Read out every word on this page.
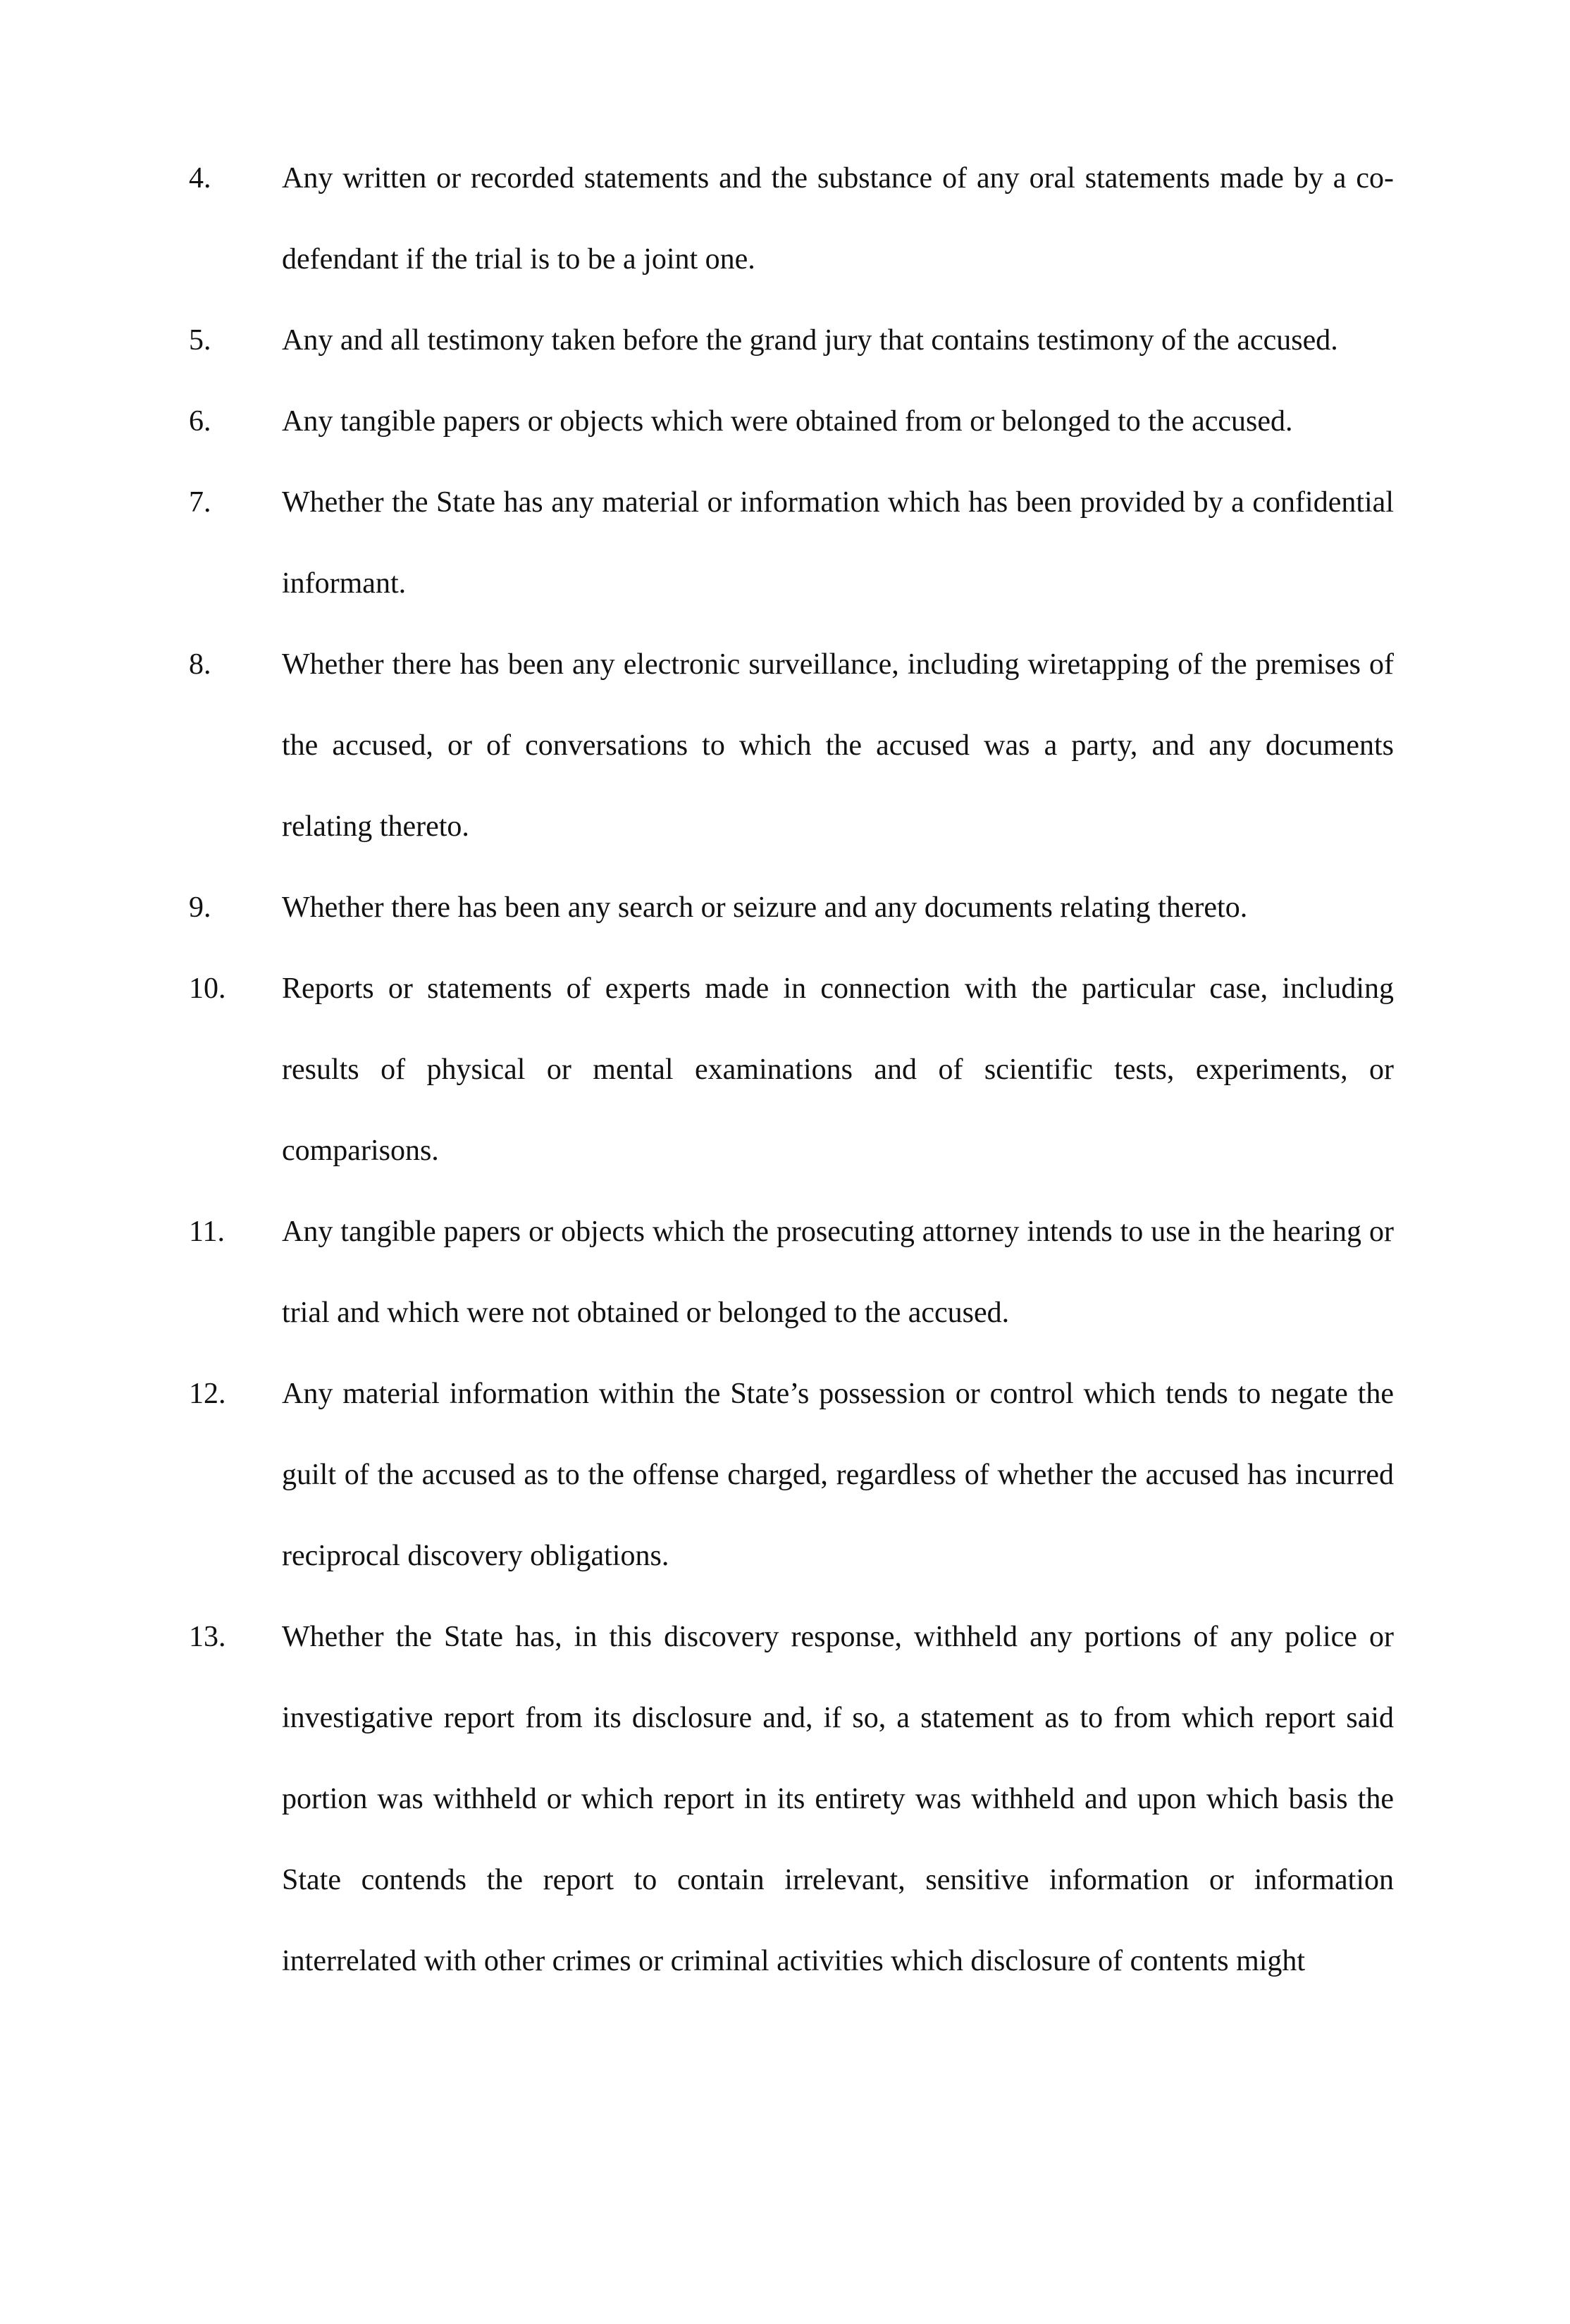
4.	Any written or recorded statements and the substance of any oral statements made by a co-defendant if the trial is to be a joint one.
5.	Any and all testimony taken before the grand jury that contains testimony of the accused.
6.	Any tangible papers or objects which were obtained from or belonged to the accused.
7.	Whether the State has any material or information which has been provided by a confidential informant.
8.	Whether there has been any electronic surveillance, including wiretapping of the premises of the accused, or of conversations to which the accused was a party, and any documents relating thereto.
9.	Whether there has been any search or seizure and any documents relating thereto.
10.	Reports or statements of experts made in connection with the particular case, including results of physical or mental examinations and of scientific tests, experiments, or comparisons.
11.	Any tangible papers or objects which the prosecuting attorney intends to use in the hearing or trial and which were not obtained or belonged to the accused.
12.	Any material information within the State’s possession or control which tends to negate the guilt of the accused as to the offense charged, regardless of whether the accused has incurred reciprocal discovery obligations.
13.	Whether the State has, in this discovery response, withheld any portions of any police or investigative report from its disclosure and, if so, a statement as to from which report said portion was withheld or which report in its entirety was withheld and upon which basis the State contends the report to contain irrelevant, sensitive information or information interrelated with other crimes or criminal activities which disclosure of contents might
